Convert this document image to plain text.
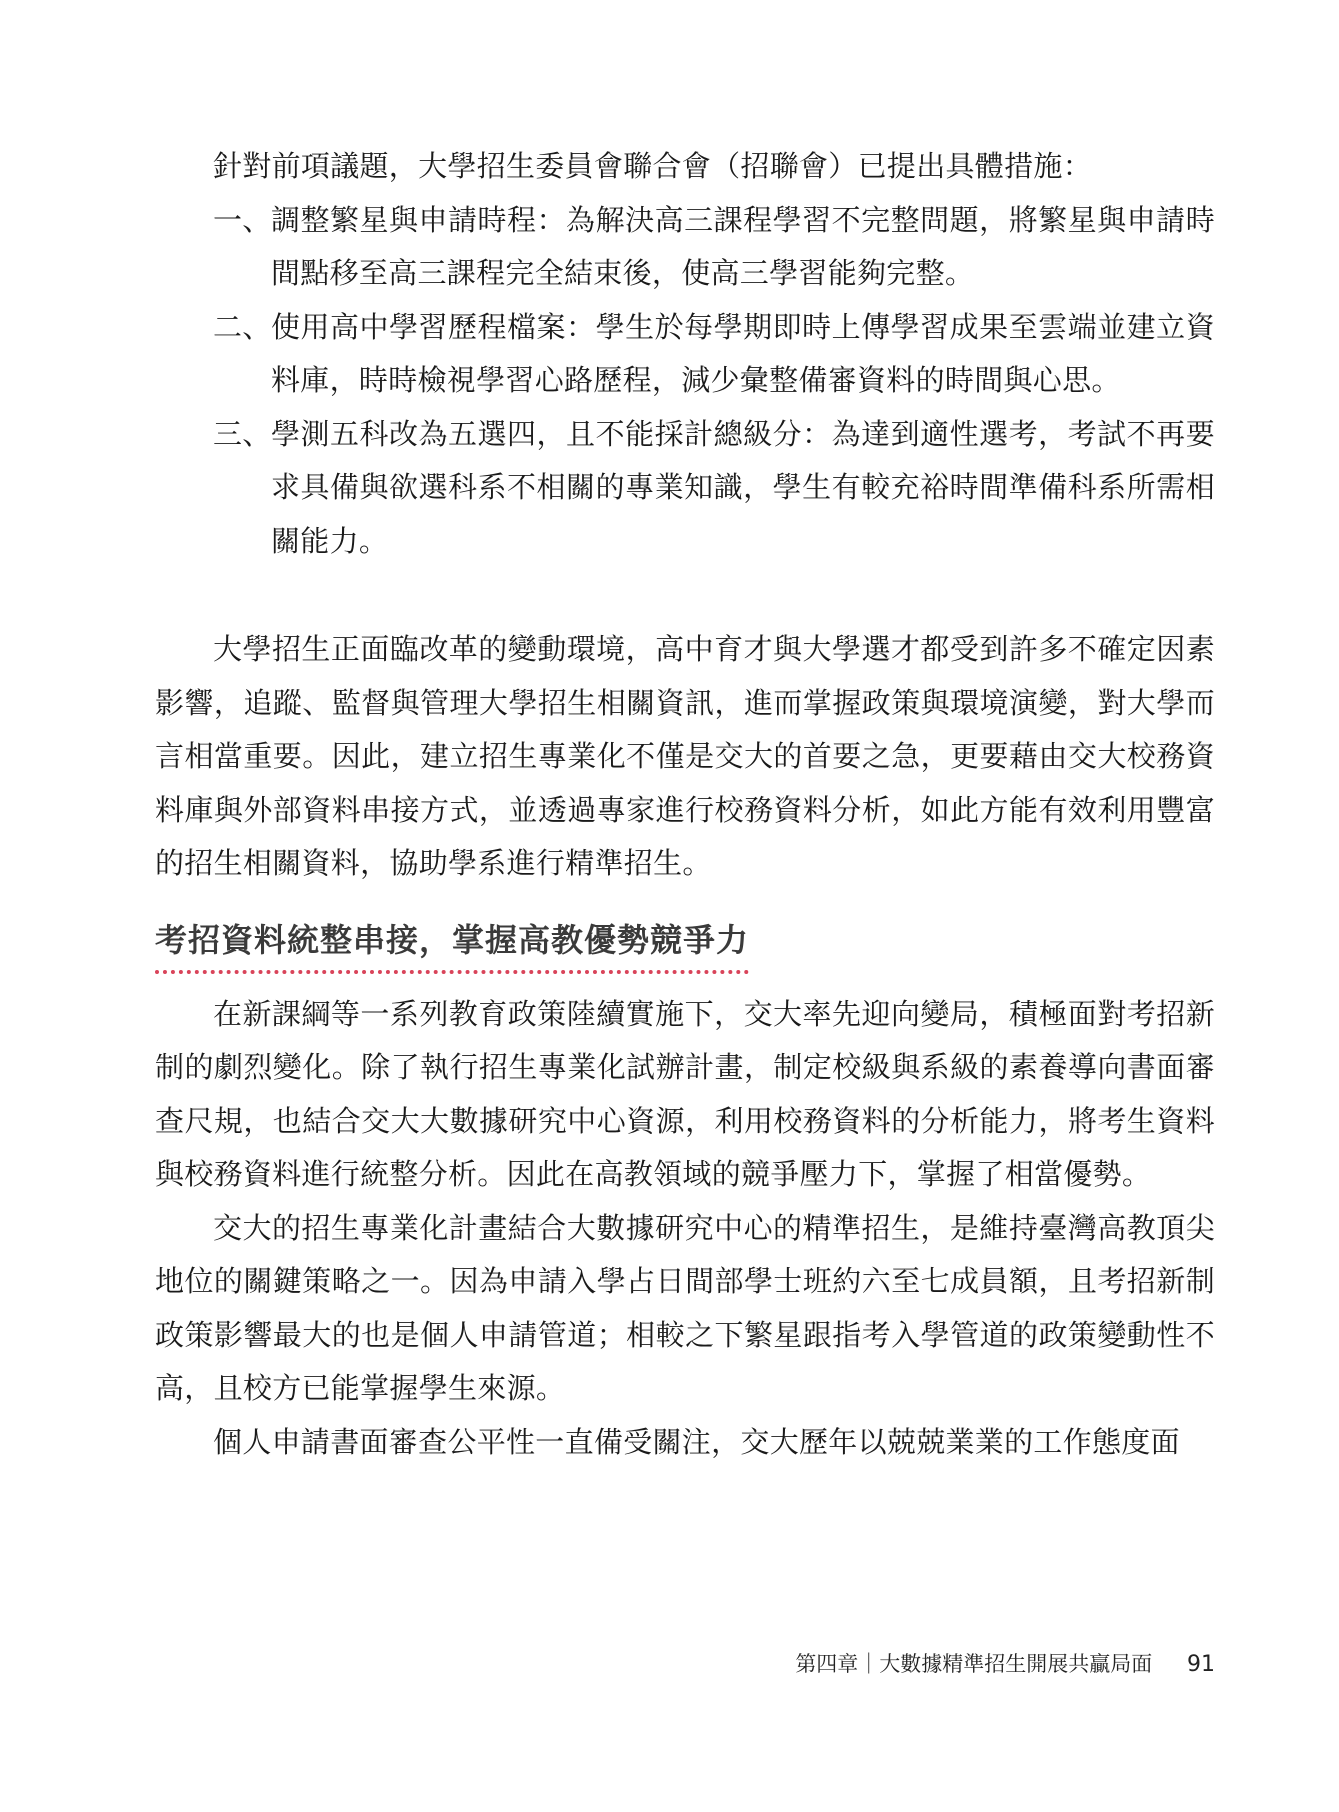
針對前項議題，大學招生委員會聯合會（招聯會）已提出具體措施：

一、 調整繁星與申請時程：為解決高三課程學習不完整問題，將繁星與申請時間點移至高三課程完全結束後，使高三學習能夠完整。
二、 使用高中學習歷程檔案：學生於每學期即時上傳學習成果至雲端並建立資料庫，時時檢視學習心路歷程，減少彙整備審資料的時間與心思。
三、 學測五科改為五選四，且不能採計總級分：為達到適性選考，考試不再要求具備與欲選科系不相關的專業知識，學生有較充裕時間準備科系所需相關能力。

大學招生正面臨改革的變動環境，高中育才與大學選才都受到許多不確定因素影響，追蹤、監督與管理大學招生相關資訊，進而掌握政策與環境演變，對大學而言相當重要。因此，建立招生專業化不僅是交大的首要之急，更要藉由交大校務資料庫與外部資料串接方式，並透過專家進行校務資料分析，如此方能有效利用豐富的招生相關資料，協助學系進行精準招生。

考招資料統整串接，掌握高教優勢競爭力

在新課綱等一系列教育政策陸續實施下，交大率先迎向變局，積極面對考招新制的劇烈變化。除了執行招生專業化試辦計畫，制定校級與系級的素養導向書面審查尺規，也結合交大大數據研究中心資源，利用校務資料的分析能力，將考生資料與校務資料進行統整分析。因此在高教領域的競爭壓力下，掌握了相當優勢。

交大的招生專業化計畫結合大數據研究中心的精準招生，是維持臺灣高教頂尖地位的關鍵策略之一。因為申請入學占日間部學士班約六至七成員額，且考招新制政策影響最大的也是個人申請管道；相較之下繁星跟指考入學管道的政策變動性不高，且校方已能掌握學生來源。

個人申請書面審查公平性一直備受關注，交大歷年以兢兢業業的工作態度面

第四章｜大數據精準招生開展共贏局面 91
